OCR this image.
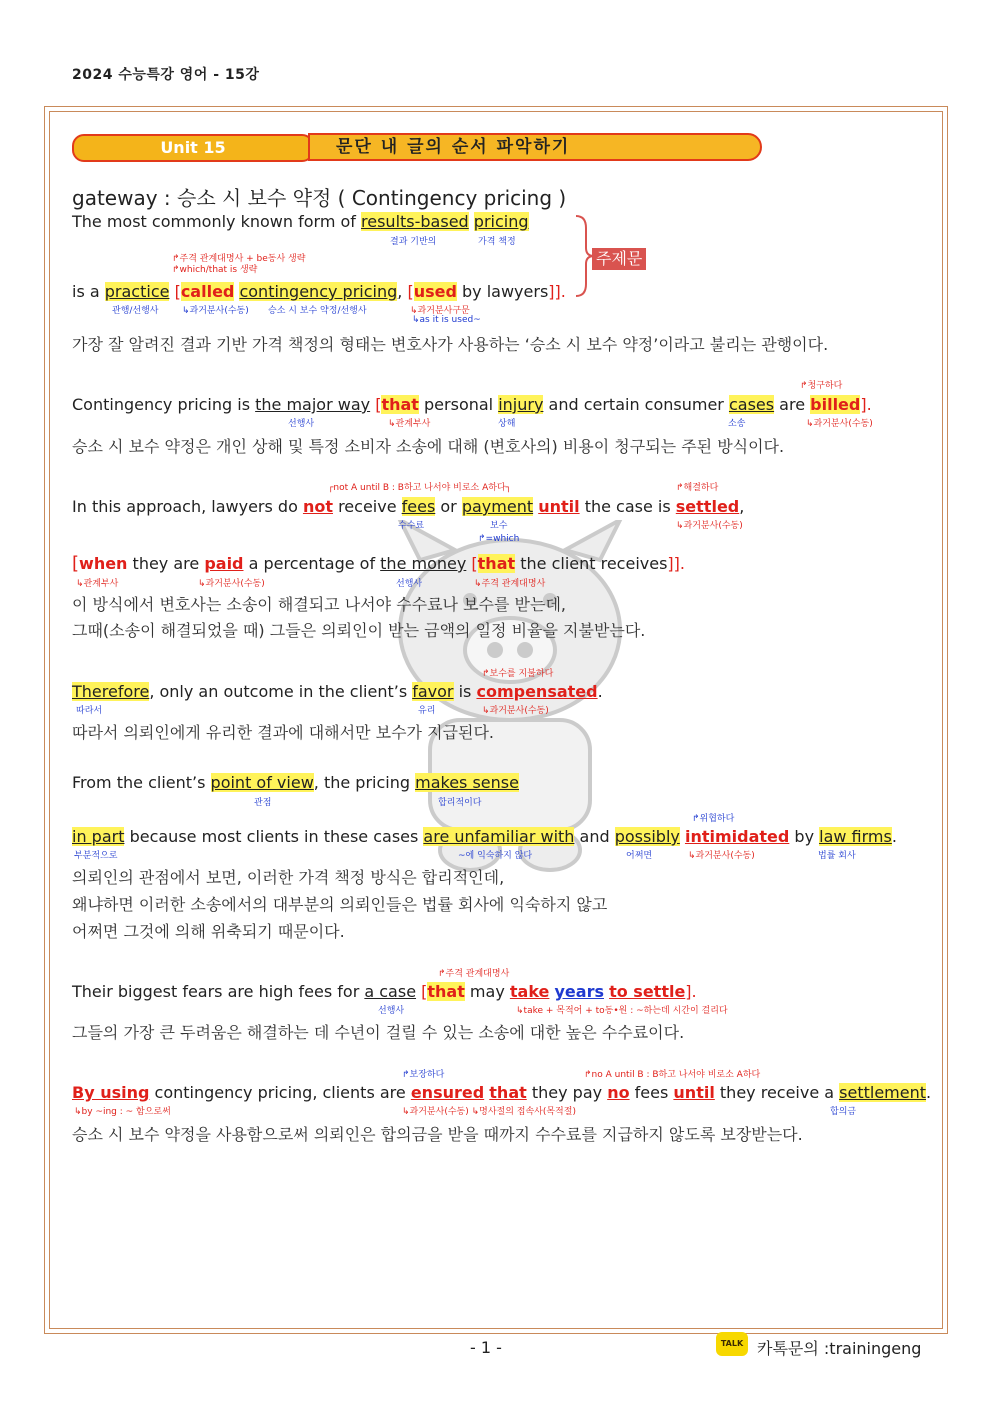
2024 수능특강 영어 - 15강
Unit 15	문단 내 글의 순서 파악하기
gateway : 승소 시 보수 약정 ( Contingency pricing )
The most commonly known form of results-based pricing
결과 기반의	가격 책정
주제문
↱주격 관계대명사 + be동사 생략
↱which/that is 생략
is a practice [called contingency pricing, [used by lawyers]].
관행/선행사	↳과거분사(수동) 승소 시 보수 약정/선행사	↳과거분사구문
↳as it is used~
가장 잘 알려진 결과 기반 가격 책정의 형태는 변호사가 사용하는 ‘승소 시 보수 약정’이라고 불리는 관행이다.
↱청구하다
Contingency pricing is the major way [that personal injury and certain consumer cases are billed].
선행사	↳관계부사	상해	소송	↳과거분사(수동)
승소 시 보수 약정은 개인 상해 및 특정 소비자 소송에 대해 (변호사의) 비용이 청구되는 주된 방식이다.
┌not A until B : B하고 나서야 비로소 A하다┐	↱해결하다
In this approach, lawyers do not receive fees or payment until the case is settled,
수수료	보수	↳과거분사(수동)
↱=which
[when they are paid a percentage of the money [that the client receives]].
↳관계부사	↳과거분사(수동)	선행사	↳주격 관계대명사
이 방식에서 변호사는 소송이 해결되고 나서야 수수료나 보수를 받는데,
그때(소송이 해결되었을 때) 그들은 의뢰인이 받는 금액의 일정 비율을 지불받는다.
↱보수를 지불하다
Therefore, only an outcome in the client’s favor is compensated.
따라서	유리	↳과거분사(수동)
따라서 의뢰인에게 유리한 결과에 대해서만 보수가 지급된다.
From the client’s point of view, the pricing makes sense
관점	합리적이다
↱위협하다
in part because most clients in these cases are unfamiliar with and possibly intimidated by law firms.
부분적으로	~에 익숙하지 않다	어쩌면	↳과거분사(수동)	법률 회사
의뢰인의 관점에서 보면, 이러한 가격 책정 방식은 합리적인데,
왜냐하면 이러한 소송에서의 대부분의 의뢰인들은 법률 회사에 익숙하지 않고
어쩌면 그것에 의해 위축되기 때문이다.
↱주격 관계대명사
Their biggest fears are high fees for a case [that may take years to settle].
선행사	↳take + 목적어 + to동•원 : ~하는데 시간이 걸리다
그들의 가장 큰 두려움은 해결하는 데 수년이 걸릴 수 있는 소송에 대한 높은 수수료이다.
↱보장하다	↱no A until B : B하고 나서야 비로소 A하다
By using contingency pricing, clients are ensured that they pay no fees until they receive a settlement.
↳by ~ing : ~ 함으로써	↳과거분사(수동) ↳명사절의 접속사(목적절)	합의금
승소 시 보수 약정을 사용함으로써 의뢰인은 합의금을 받을 때까지 수수료를 지급하지 않도록 보장받는다.
- 1 -	TALK 카톡문의 :trainingeng
